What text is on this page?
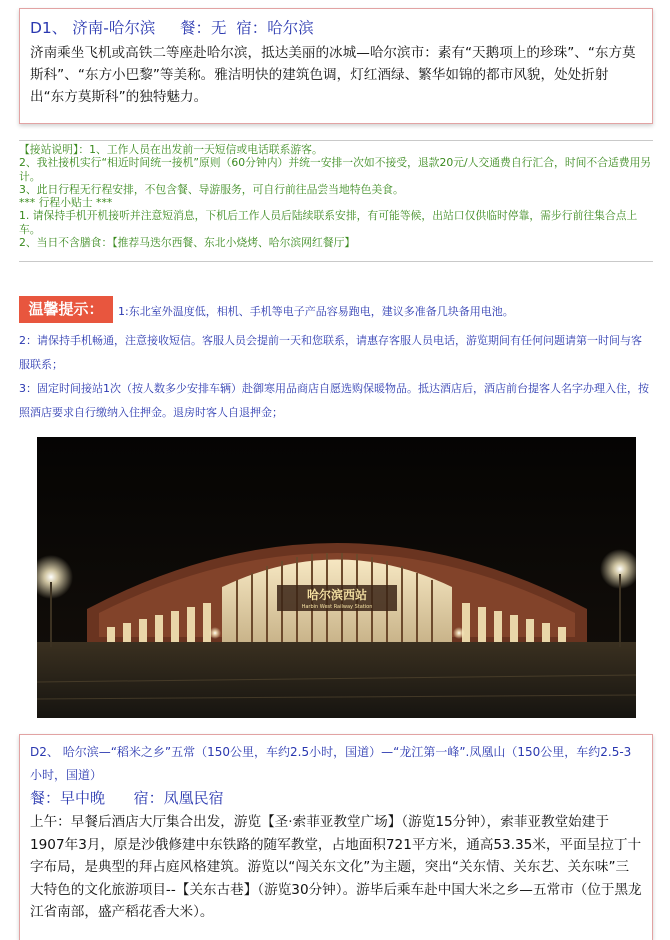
D1、 济南-哈尔滨     餐：无  宿：哈尔滨
济南乘坐飞机或高铁二等座赴哈尔滨，抵达美丽的冰城—哈尔滨市：素有“天鹅项上的珍珠”、“东方莫斯科”、“东方小巴黎”等美称。雅洁明快的建筑色调，灯红酒绿、繁华如锦的都市风貌，处处折射出“东方莫斯科”的独特魅力。
【接站说明】：1、工作人员在出发前一天短信或电话联系游客。
2、我社接机实行“相近时间统一接机”原则（60分钟内）并统一安排一次如不接受，退款20元/人交通费自行汇合，时间不合适费用另计。
3、此日行程无行程安排，不包含餐、导游服务，可自行前往品尝当地特色美食。
*** 行程小贴士 ***
1. 请保持手机开机接听并注意短消息，下机后工作人员后陆续联系安排，有可能等候，出站口仅供临时停靠，需步行前往集合点上车。
2、当日不含膳食：【推荐马迭尔西餐、东北小烧烤、哈尔滨网红餐厅】
温馨提示：	1:东北室外温度低，相机、手机等电子产品容易跑电，建议多准备几块备用电池。
2：请保持手机畅通，注意接收短信。客服人员会提前一天和您联系，请惠存客服人员电话，游览期间有任何问题请第一时间与客服联系；
3：固定时间接站1次（按人数多少安排车辆）赴御寒用品商店自愿选购保暖物品。抵达酒店后，酒店前台提客人名字办理入住，按照酒店要求自行缴纳入住押金。退房时客人自退押金；
哈尔滨西站
Harbin West Railway Station
D2、 哈尔滨—“稻米之乡”五常（150公里，车约2.5小时，国道）—“龙江第一峰”.凤凰山（150公里，车约2.5-3小时，国道）
餐：早中晚      宿：凤凰民宿
上午：早餐后酒店大厅集合出发，游览【圣·索菲亚教堂广场】（游览15分钟），索菲亚教堂始建于1907年3月，原是沙俄修建中东铁路的随军教堂，占地面积721平方米，通高53.35米，平面呈拉丁十字布局，是典型的拜占庭风格建筑。游览以“闯关东文化”为主题，突出“关东情、关东艺、关东味”三大特色的文化旅游项目--【关东古巷】（游览30分钟）。游毕后乘车赴中国大米之乡—五常市（位于黑龙江省南部，盛产稻花香大米）。
